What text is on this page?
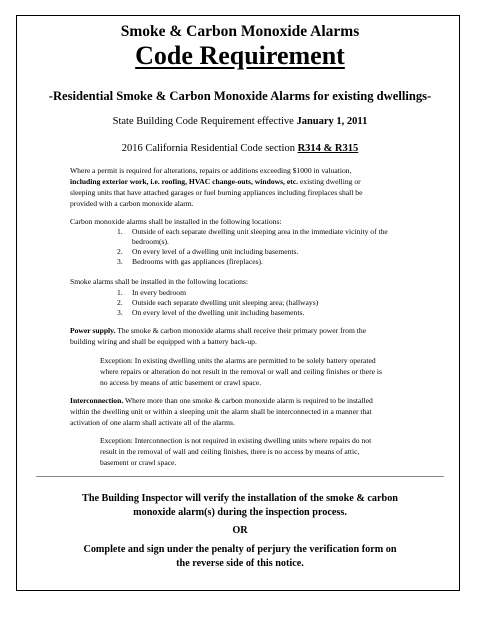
Smoke & Carbon Monoxide Alarms
Code Requirement
-Residential Smoke & Carbon Monoxide Alarms for existing dwellings-
State Building Code Requirement effective January 1, 2011
2016 California Residential Code section R314 & R315
Where a permit is required for alterations, repairs or additions exceeding $1000 in valuation,
including exterior work, i.e. roofing, HVAC change-outs, windows, etc. existing dwelling or
sleeping units that have attached garages or fuel burning appliances including fireplaces shall be
provided with a carbon monoxide alarm.
Carbon monoxide alarms shall be installed in the following locations:
1. Outside of each separate dwelling unit sleeping area in the immediate vicinity of the
bedroom(s).
2. On every level of a dwelling unit including basements.
3. Bedrooms with gas appliances (fireplaces).
Smoke alarms shall be installed in the following locations:
1. In every bedroom
2. Outside each separate dwelling unit sleeping area; (hallways)
3. On every level of the dwelling unit including basements.
Power supply. The smoke & carbon monoxide alarms shall receive their primary power from the
building wiring and shall be equipped with a battery back-up.
Exception: In existing dwelling units the alarms are permitted to be solely battery operated
where repairs or alteration do not result in the removal or wall and ceiling finishes or there is
no access by means of attic basement or crawl space.
Interconnection. Where more than one smoke & carbon monoxide alarm is required to be installed
within the dwelling unit or within a sleeping unit the alarm shall be interconnected in a manner that
activation of one alarm shall activate all of the alarms.
Exception: Interconnection is not required in existing dwelling units where repairs do not
result in the removal of wall and ceiling finishes, there is no access by means of attic,
basement or crawl space.
The Building Inspector will verify the installation of the smoke & carbon
monoxide alarm(s) during the inspection process.
OR
Complete and sign under the penalty of perjury the verification form on
the reverse side of this notice.
